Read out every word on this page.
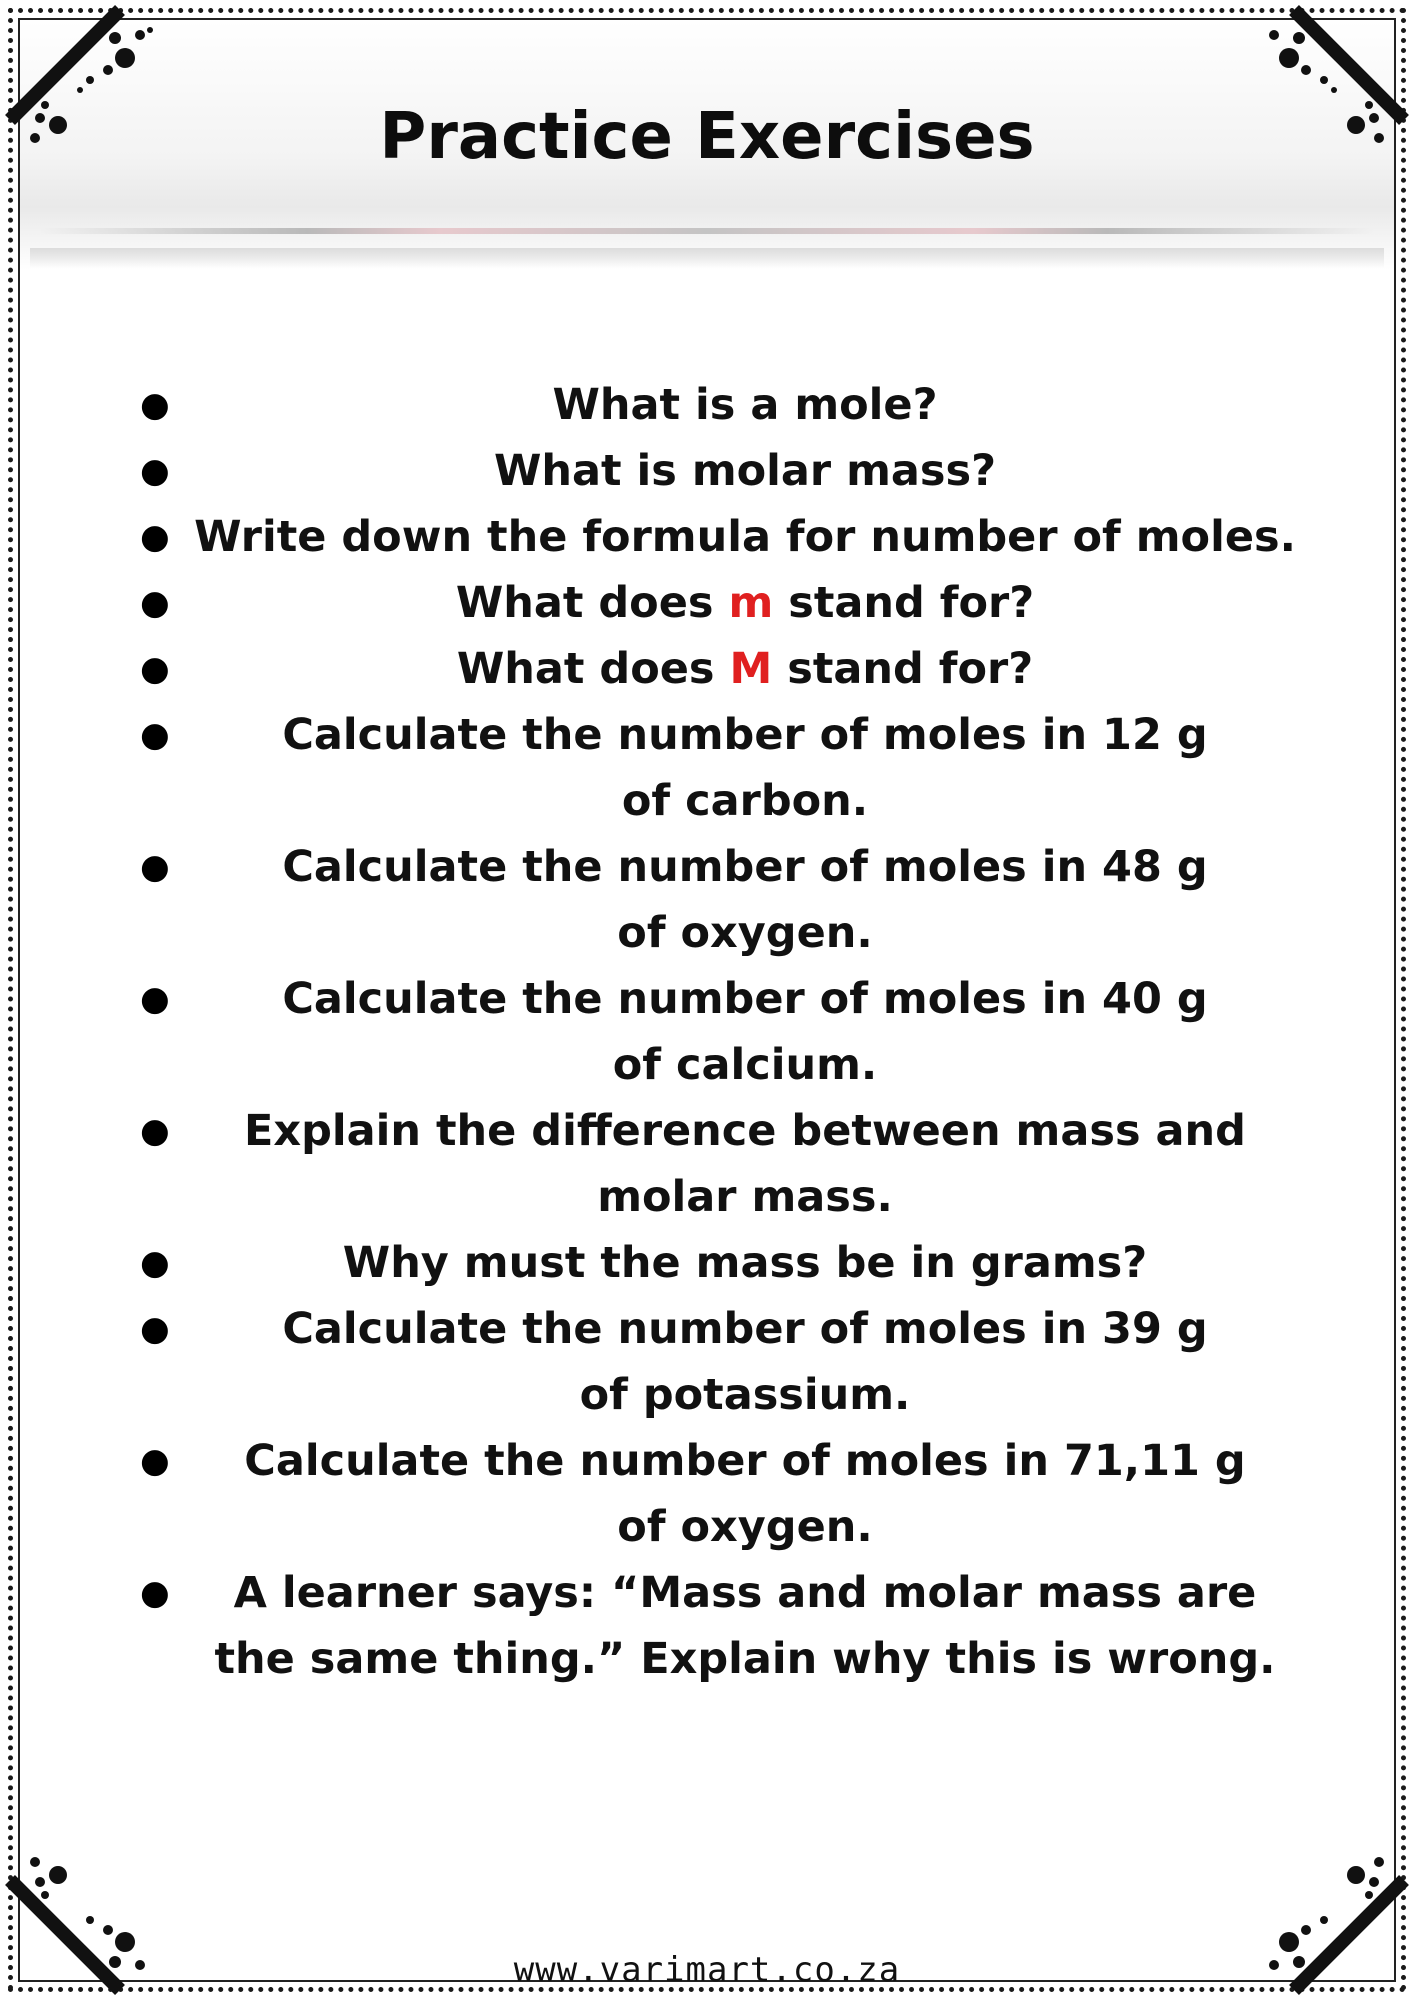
Practice Exercises
●	What is a mole?
●	What is molar mass?
● Write down the formula for number of moles.
●	What does m stand for?
●	What does M stand for?
●	Calculate the number of moles in 12 g of carbon.
●	Calculate the number of moles in 48 g of oxygen.
●	Calculate the number of moles in 40 g of calcium.
●	Explain the difference between mass and molar mass.
●	Why must the mass be in grams?
●	Calculate the number of moles in 39 g of potassium.
●	Calculate the number of moles in 71,11 g of oxygen.
●	A learner says: “Mass and molar mass are the same thing.” Explain why this is wrong.
www.varimart.co.za
